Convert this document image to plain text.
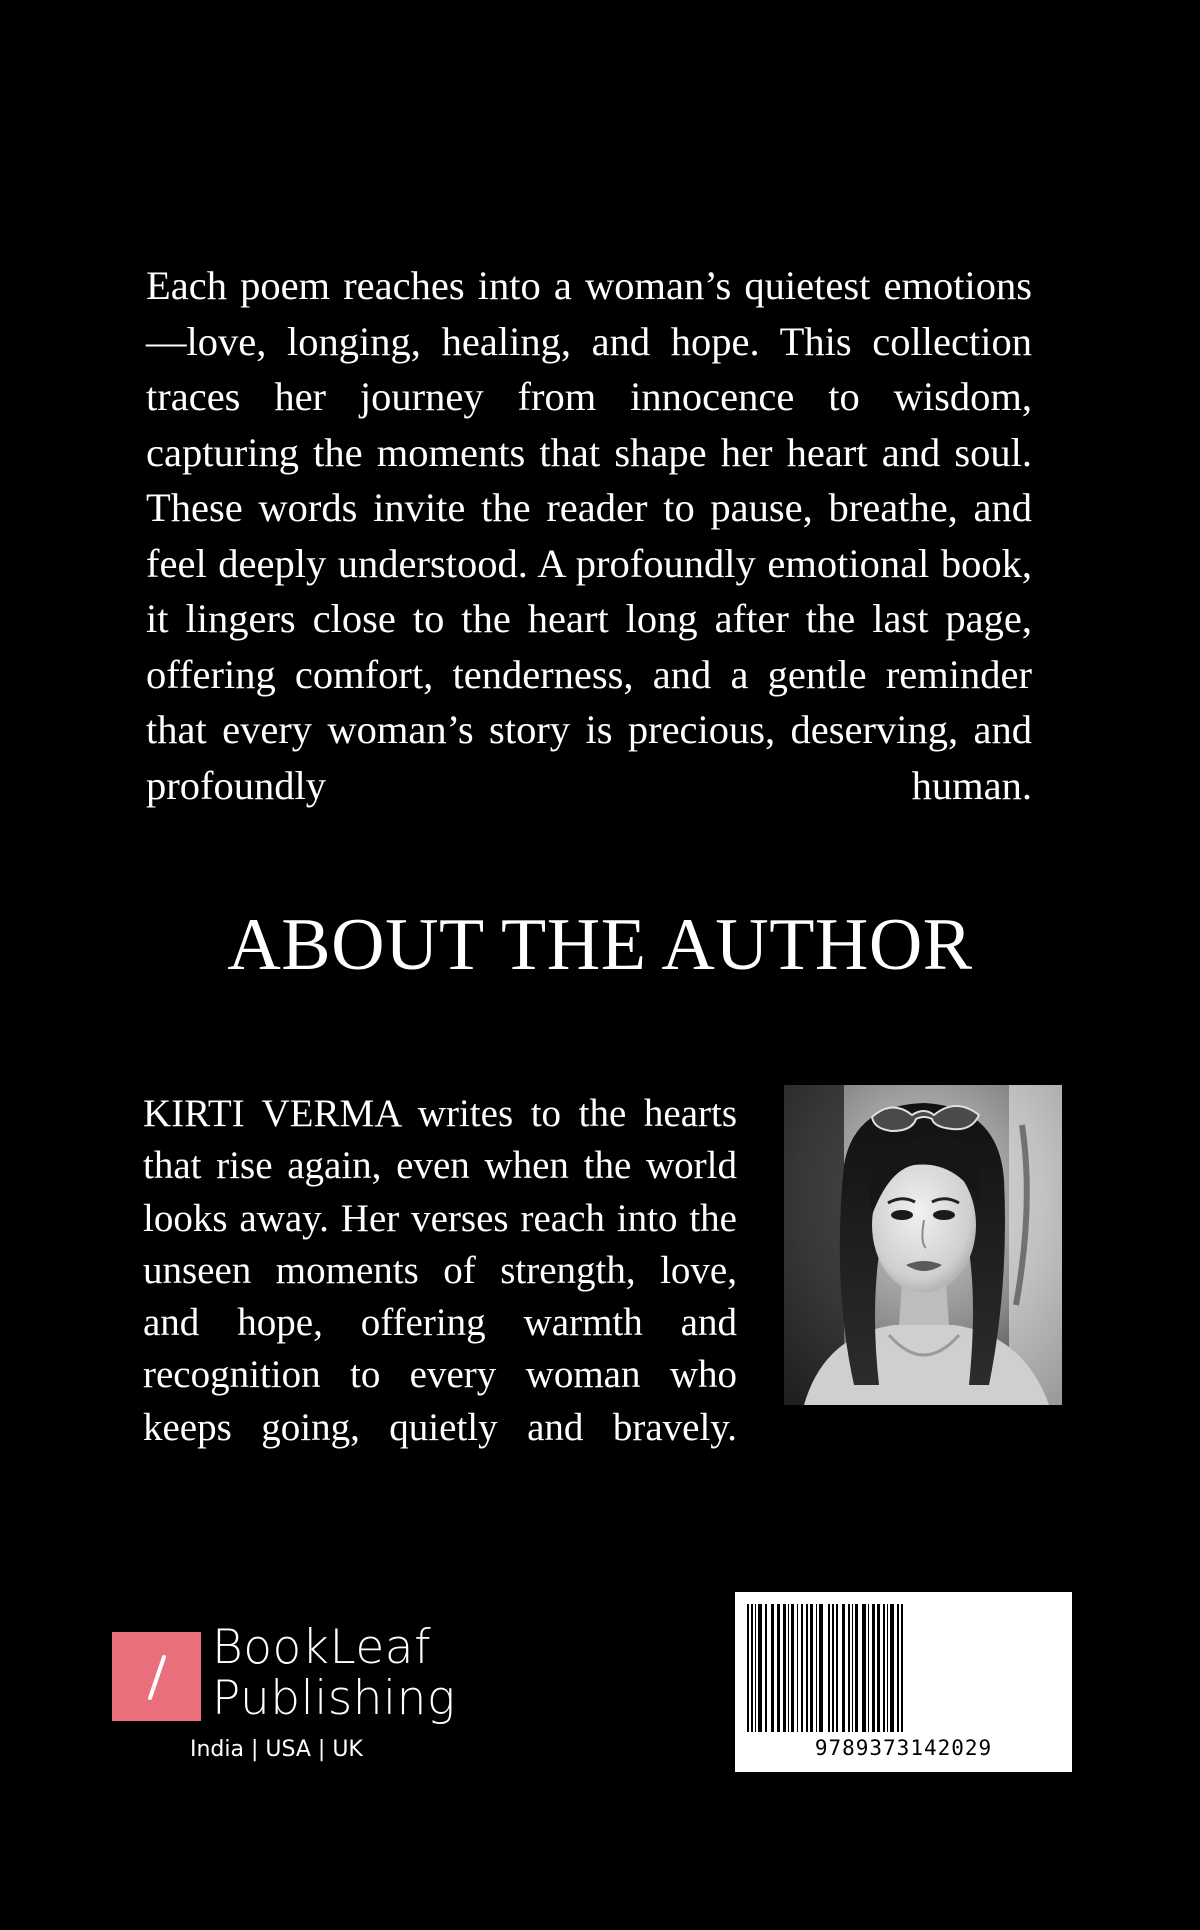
Each poem reaches into a woman’s quietest emotions—love, longing, healing, and hope. This collection traces her journey from innocence to wisdom, capturing the moments that shape her heart and soul. These words invite the reader to pause, breathe, and feel deeply understood. A profoundly emotional book, it lingers close to the heart long after the last page, offering comfort, tenderness, and a gentle reminder that every woman’s story is precious, deserving, and profoundly human.

ABOUT THE AUTHOR

KIRTI VERMA writes to the hearts that rise again, even when the world looks away. Her verses reach into the unseen moments of strength, love, and hope, offering warmth and recognition to every woman who keeps going, quietly and bravely.

BookLeaf
Publishing
India | USA | UK	9789373142029
